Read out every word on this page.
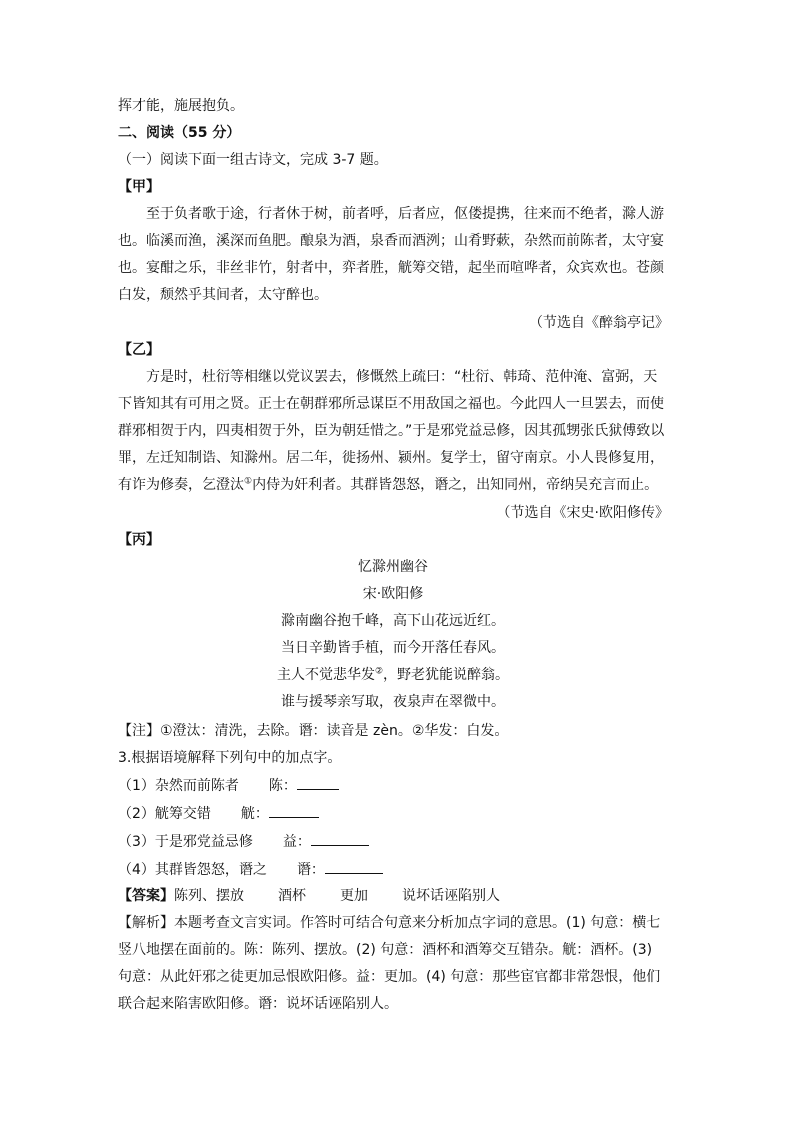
挥才能，施展抱负。
二、阅读（55 分）
（一）阅读下面一组古诗文，完成 3-7 题。
【甲】
至于负者歌于途，行者休于树，前者呼，后者应，伛偻提携，往来而不绝者，滁人游
也。临溪而渔，溪深而鱼肥。酿泉为酒，泉香而酒洌；山肴野蔌，杂然而前陈者，太守宴
也。宴酣之乐，非丝非竹，射者中，弈者胜，觥筹交错，起坐而喧哗者，众宾欢也。苍颜
白发，颓然乎其间者，太守醉也。
（节选自《醉翁亭记》
【乙】
方是时，杜衍等相继以党议罢去，修慨然上疏曰：“杜衍、韩琦、范仲淹、富弼，天
下皆知其有可用之贤。正士在朝群邪所忌谋臣不用敌国之福也。今此四人一旦罢去，而使
群邪相贺于内，四夷相贺于外，臣为朝廷惜之。”于是邪党益忌修，因其孤甥张氏狱傅致以
罪，左迁知制诰、知滁州。居二年，徙扬州、颍州。复学士，留守南京。小人畏修复用，
有诈为修奏，乞澄汰①内侍为奸利者。其群皆怨怒，谮之，出知同州，帝纳吴充言而止。
（节选自《宋史·欧阳修传》
【丙】
忆滁州幽谷
宋·欧阳修
滁南幽谷抱千峰，高下山花远近红。
当日辛勤皆手植，而今开落任春风。
主人不觉悲华发②，野老犹能说醉翁。
谁与援琴亲写取，夜泉声在翠微中。
【注】①澄汰：清洗，去除。谮：读音是 zèn。②华发：白发。
3.根据语境解释下列句中的加点字。
（1）杂然而前陈者 陈：
（2）觥筹交错 觥：
（3）于是邪党益忌修 益：
（4）其群皆怨怒，谮之 谮：
【答案】陈列、摆放 酒杯 更加 说坏话诬陷别人
【解析】本题考查文言实词。作答时可结合句意来分析加点字词的意思。(1) 句意：横七
竖八地摆在面前的。陈：陈列、摆放。(2) 句意：酒杯和酒筹交互错杂。觥：酒杯。(3)
句意：从此奸邪之徒更加忌恨欧阳修。益：更加。(4) 句意：那些宦官都非常怨恨，他们
联合起来陷害欧阳修。谮：说坏话诬陷别人。
